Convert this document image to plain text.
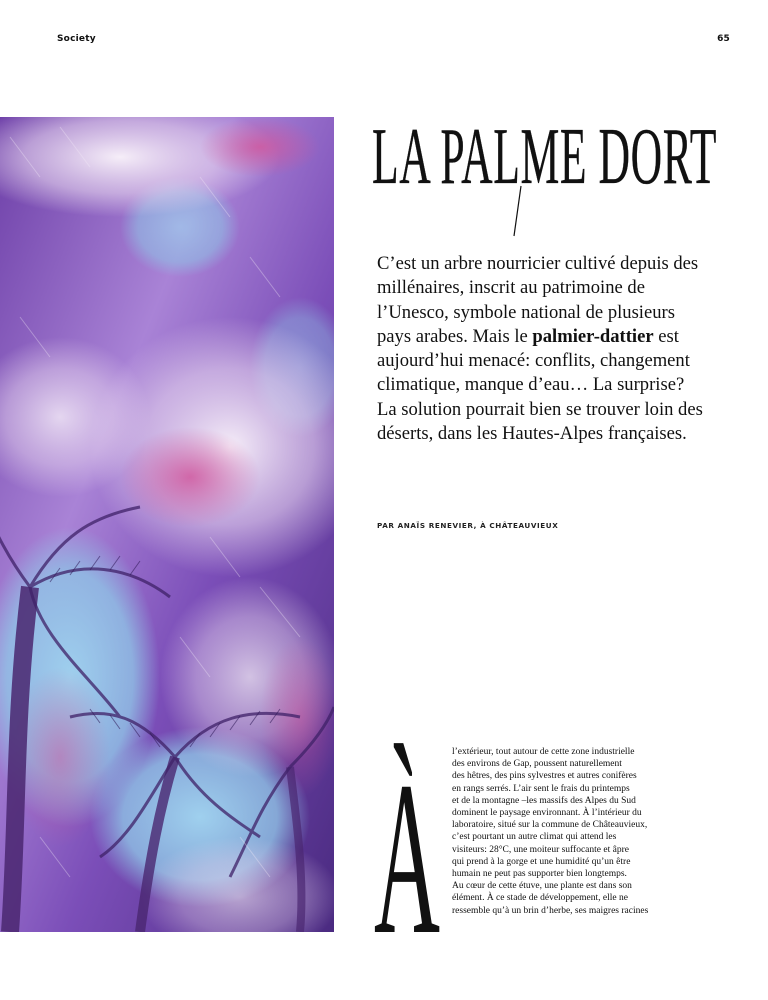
Society	65
LA PALME DORT

C’est un arbre nourricier cultivé depuis des millénaires, inscrit au patrimoine de l’Unesco, symbole national de plusieurs pays arabes. Mais le palmier-dattier est aujourd’hui menacé: conflits, changement climatique, manque d’eau… La surprise? La solution pourrait bien se trouver loin des déserts, dans les Hautes-Alpes françaises.

PAR ANAÏS RENEVIER, À CHÂTEAUVIEUX
À l’extérieur, tout autour de cette zone industrielle
des environs de Gap, poussent naturellement
des hêtres, des pins sylvestres et autres conifères
en rangs serrés. L’air sent le frais du printemps
et de la montagne –les massifs des Alpes du Sud
dominent le paysage environnant. À l’intérieur du
laboratoire, situé sur la commune de Châteauvieux,
c’est pourtant un autre climat qui attend les
visiteurs: 28°C, une moiteur suffocante et âpre
qui prend à la gorge et une humidité qu’un être
humain ne peut pas supporter bien longtemps.
Au cœur de cette étuve, une plante est dans son
élément. À ce stade de développement, elle ne
ressemble qu’à un brin d’herbe, ses maigres racines
